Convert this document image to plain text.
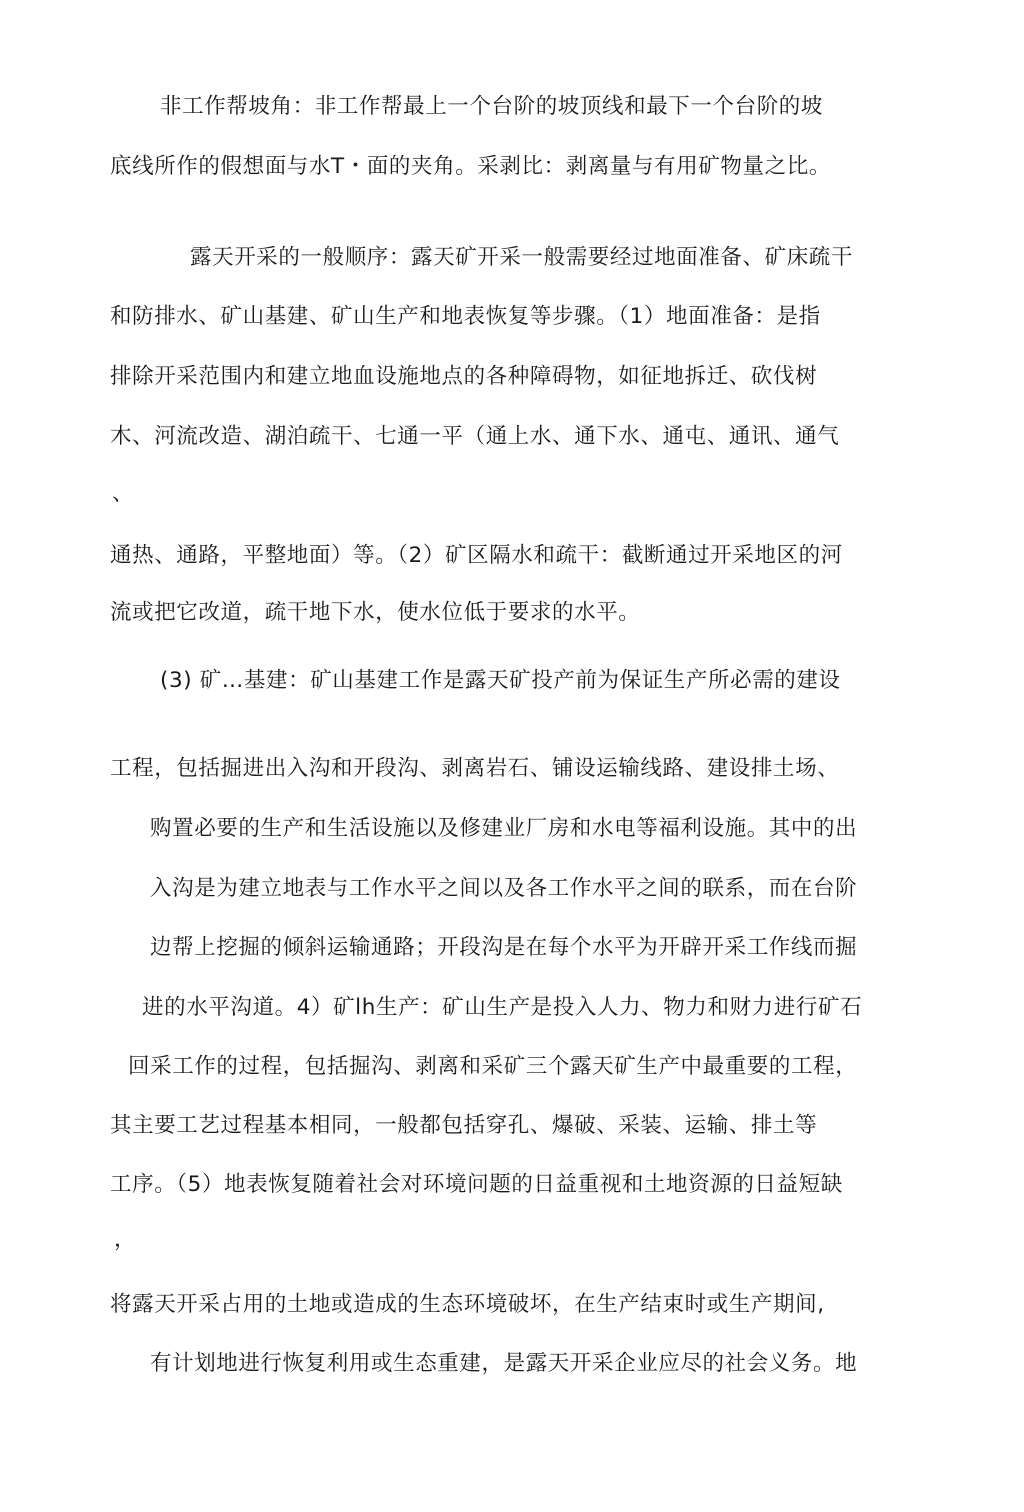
非工作帮坡角：非工作帮最上一个台阶的坡顶线和最下一个台阶的坡
底线所作的假想面与水T・面的夹角。采剥比：剥离量与有用矿物量之比。
露天开采的一般顺序：露天矿开采一般需要经过地面准备、矿床疏干
和防排水、矿山基建、矿山生产和地表恢复等步骤。（1）地面准备：是指
排除开采范围内和建立地血设施地点的各种障碍物，如征地拆迁、砍伐树
木、河流改造、湖泊疏干、七通一平（通上水、通下水、通屯、通讯、通气
、
通热、通路，平整地面）等。（2）矿区隔水和疏干：截断通过开采地区的河
流或把它改道，疏干地下水，使水位低于要求的水平。
(3) 矿…基建：矿山基建工作是露天矿投产前为保证生产所必需的建设
工程，包括掘进出入沟和开段沟、剥离岩石、铺设运输线路、建设排土场、
购置必要的生产和生活设施以及修建业厂房和水电等福利设施。其中的出
入沟是为建立地表与工作水平之间以及各工作水平之间的联系，而在台阶
边帮上挖掘的倾斜运输通路；开段沟是在每个水平为开辟开采工作线而掘
进的水平沟道。4）矿lh生产：矿山生产是投入人力、物力和财力进行矿石
回采工作的过程，包括掘沟、剥离和采矿三个露天矿生产中最重要的工程，
其主要工艺过程基本相同，一般都包括穿孔、爆破、采装、运输、排土等
工序。（5）地表恢复随着社会对环境问题的日益重视和土地资源的日益短缺
，
将露天开采占用的土地或造成的生态环境破坏，在生产结束时或生产期间,
有计划地进行恢复利用或生态重建，是露天开采企业应尽的社会义务。地
